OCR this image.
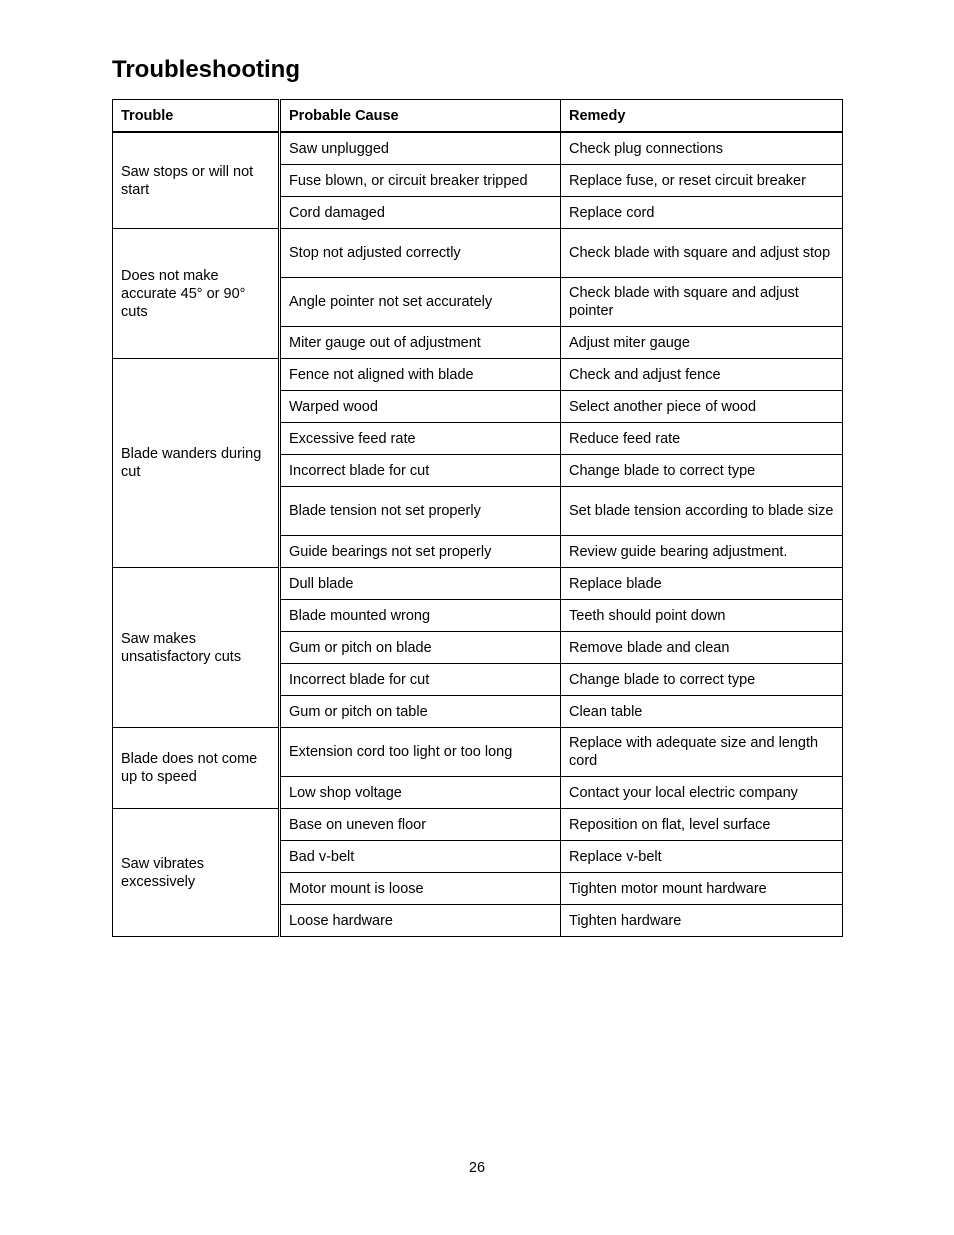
Troubleshooting
Trouble	Probable Cause	Remedy
Saw stops or will not start	Saw unplugged	Check plug connections
	Fuse blown, or circuit breaker tripped	Replace fuse, or reset circuit breaker
	Cord damaged	Replace cord
Does not make accurate 45° or 90° cuts	Stop not adjusted correctly	Check blade with square and adjust stop
	Angle pointer not set accurately	Check blade with square and adjust pointer
	Miter gauge out of adjustment	Adjust miter gauge
Blade wanders during cut	Fence not aligned with blade	Check and adjust fence
	Warped wood	Select another piece of wood
	Excessive feed rate	Reduce feed rate
	Incorrect blade for cut	Change blade to correct type
	Blade tension not set properly	Set blade tension according to blade size
	Guide bearings not set properly	Review guide bearing adjustment.
Saw makes unsatisfactory cuts	Dull blade	Replace blade
	Blade mounted wrong	Teeth should point down
	Gum or pitch on blade	Remove blade and clean
	Incorrect blade for cut	Change blade to correct type
	Gum or pitch on table	Clean table
Blade does not come up to speed	Extension cord too light or too long	Replace with adequate size and length cord
	Low shop voltage	Contact your local electric company
Saw vibrates excessively	Base on uneven floor	Reposition on flat, level surface
	Bad v-belt	Replace v-belt
	Motor mount is loose	Tighten motor mount hardware
	Loose hardware	Tighten hardware
26
